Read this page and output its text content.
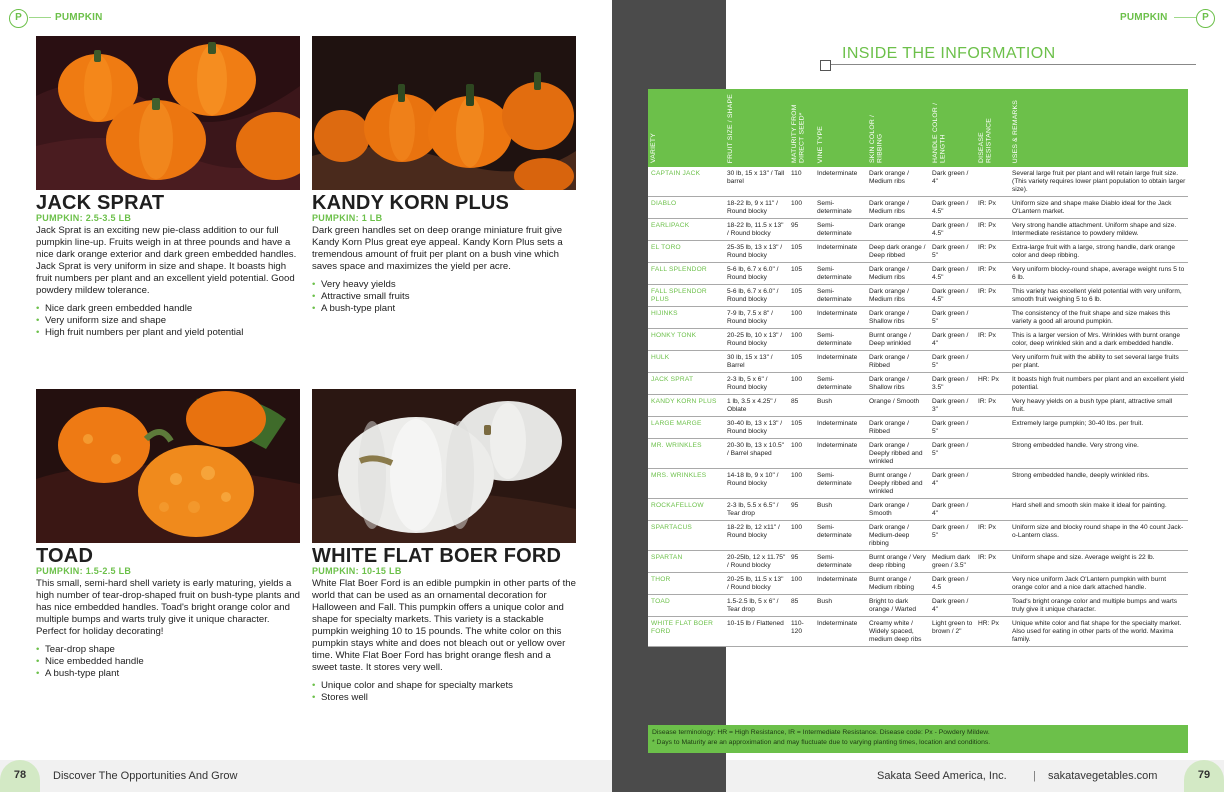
P	PUMPKIN
JACK SPRAT
PUMPKIN: 2.5-3.5 LB
Jack Sprat is an exciting new pie-class addition to our full pumpkin line-up. Fruits weigh in at three pounds and have a nice dark orange exterior and dark green embedded handles. Jack Sprat is very uniform in size and shape. It boasts high fruit numbers per plant and an excellent yield potential. Good powdery mildew tolerance.
• Nice dark green embedded handle
• Very uniform size and shape
• High fruit numbers per plant and yield potential
KANDY KORN PLUS
PUMPKIN: 1 LB
Dark green handles set on deep orange miniature fruit give Kandy Korn Plus great eye appeal. Kandy Korn Plus sets a tremendous amount of fruit per plant on a bush vine which saves space and maximizes the yield per acre.
• Very heavy yields
• Attractive small fruits
• A bush-type plant
TOAD
PUMPKIN: 1.5-2.5 LB
This small, semi-hard shell variety is early maturing, yields a high number of tear-drop-shaped fruit on bush-type plants and has nice embedded handles. Toad's bright orange color and multiple bumps and warts truly give it unique character. Perfect for holiday decorating!
• Tear-drop shape
• Nice embedded handle
• A bush-type plant
WHITE FLAT BOER FORD
PUMPKIN: 10-15 LB
White Flat Boer Ford is an edible pumpkin in other parts of the world that can be used as an ornamental decoration for Halloween and Fall. This pumpkin offers a unique color and shape for specialty markets. This variety is a stackable pumpkin weighing 10 to 15 pounds. The white color on this pumpkin stays white and does not bleach out or yellow over time. White Flat Boer Ford has bright orange flesh and a sweet taste. It stores very well.
• Unique color and shape for specialty markets
• Stores well
78	Discover The Opportunities And Grow
PUMPKIN	P
INSIDE THE INFORMATION
VARIETY	FRUIT SIZE / SHAPE	MATURITY FROM DIRECT SEED*	VINE TYPE	SKIN COLOR / RIBBING	HANDLE COLOR / LENGTH	DISEASE RESISTANCE	USES & REMARKS

CAPTAIN JACK	30 lb, 15 x 13" / Tall barrel	110	Indeterminate	Dark orange / Medium ribs	Dark green / 4"		Several large fruit per plant and will retain large fruit size. (This variety requires lower plant population to obtain larger size).
DIABLO	18-22 lb, 9 x 11" / Round blocky	100	Semi-determinate	Dark orange / Medium ribs	Dark green / 4.5"	IR: Px	Uniform size and shape make Diablo ideal for the Jack O'Lantern market.
EARLIPACK	18-22 lb, 11.5 x 13" / Round blocky	95	Semi-determinate	Dark orange	Dark green / 4.5"	IR: Px	Very strong handle attachment. Uniform shape and size. Intermediate resistance to powdery mildew.
EL TORO	25-35 lb, 13 x 13" / Round blocky	105	Indeterminate	Deep dark orange / Deep ribbed	Dark green / 5"	IR: Px	Extra-large fruit with a large, strong handle, dark orange color and deep ribbing.
FALL SPLENDOR	5-6 lb, 6.7 x 6.0" / Round blocky	105	Semi-determinate	Dark orange / Medium ribs	Dark green / 4.5"	IR: Px	Very uniform blocky-round shape, average weight runs 5 to 6 lb.
FALL SPLENDOR PLUS	5-6 lb, 6.7 x 6.0" / Round blocky	105	Semi-determinate	Dark orange / Medium ribs	Dark green / 4.5"	IR: Px	This variety has excellent yield potential with very uniform, smooth fruit weighing 5 to 6 lb.
HIJINKS	7-9 lb, 7.5 x 8" / Round blocky	100	Indeterminate	Dark orange / Shallow ribs	Dark green / 5"		The consistency of the fruit shape and size makes this variety a good all around pumpkin.
HONKY TONK	20-25 lb, 10 x 13" / Round blocky	100	Semi-determinate	Burnt orange / Deep wrinkled	Dark green / 4"	IR: Px	This is a larger version of Mrs. Wrinkles with burnt orange color, deep wrinkled skin and a dark embedded handle.
HULK	30 lb, 15 x 13" / Barrel	105	Indeterminate	Dark orange / Ribbed	Dark green / 5"		Very uniform fruit with the ability to set several large fruits per plant.
JACK SPRAT	2-3 lb, 5 x 6" / Round blocky	100	Semi-determinate	Dark orange / Shallow ribs	Dark green / 3.5"	HR: Px	It boasts high fruit numbers per plant and an excellent yield potential.
KANDY KORN PLUS	1 lb, 3.5 x 4.25" / Oblate	85	Bush	Orange / Smooth	Dark green / 3"	IR: Px	Very heavy yields on a bush type plant, attractive small fruit.
LARGE MARGE	30-40 lb, 13 x 13" / Round blocky	105	Indeterminate	Dark orange / Ribbed	Dark green / 5"		Extremely large pumpkin; 30-40 lbs. per fruit.
MR. WRINKLES	20-30 lb, 13 x 10.5" / Barrel shaped	100	Indeterminate	Dark orange / Deeply ribbed and wrinkled	Dark green / 5"		Strong embedded handle. Very strong vine.
MRS. WRINKLES	14-18 lb, 9 x 10" / Round blocky	100	Semi-determinate	Burnt orange / Deeply ribbed and wrinkled	Dark green / 4"		Strong embedded handle, deeply wrinkled ribs.
ROCKAFELLOW	2-3 lb, 5.5 x 6.5" / Tear drop	95	Bush	Dark orange / Smooth	Dark green / 4"		Hard shell and smooth skin make it ideal for painting.
SPARTACUS	18-22 lb, 12 x11" / Round blocky	100	Semi-determinate	Dark orange / Medium-deep ribbing	Dark green / 5"	IR: Px	Uniform size and blocky round shape in the 40 count Jack-o-Lantern class.
SPARTAN	20-25lb, 12 x 11.75" / Round blocky	95	Semi-determinate	Burnt orange / Very deep ribbing	Medium dark green / 3.5"	IR: Px	Uniform shape and size. Average weight is 22 lb.
THOR	20-25 lb, 11.5 x 13" / Round blocky	100	Indeterminate	Burnt orange / Medium ribbing	Dark green / 4.5		Very nice uniform Jack O'Lantern pumpkin with burnt orange color and a nice dark attached handle.
TOAD	1.5-2.5 lb, 5 x 6" / Tear drop	85	Bush	Bright to dark orange / Warted	Dark green / 4"		Toad's bright orange color and multiple bumps and warts truly give it unique character.
WHITE FLAT BOER FORD	10-15 lb / Flattened	110-120	Indeterminate	Creamy white / Widely spaced, medium deep ribs	Light green to brown / 2"	HR: Px	Unique white color and flat shape for the specialty market. Also used for eating in other parts of the world. Maxima family.
Disease terminology: HR = High Resistance, IR = Intermediate Resistance. Disease code: Px - Powdery Mildew.
* Days to Maturity are an approximation and may fluctuate due to varying planting times, location and conditions.
Sakata Seed America, Inc. | sakatavegetables.com	79
